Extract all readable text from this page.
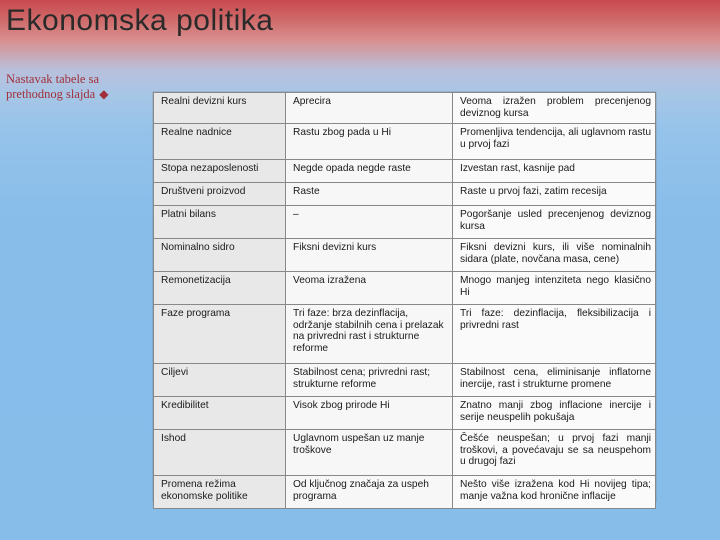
Ekonomska politika
Nastavak tabele sa prethodnog slajda ◆
Realni devizni kurs	Aprecira	Veoma izražen problem precenjenog deviznog kursa
Realne nadnice	Rastu zbog pada u Hi	Promenljiva tendencija, ali uglavnom rastu u prvoj fazi
Stopa nezaposlenosti	Negde opada negde raste	Izvestan rast, kasnije pad
Društveni proizvod	Raste	Raste u prvoj fazi, zatim recesija
Platni bilans	–	Pogoršanje usled precenjenog deviznog kursa
Nominalno sidro	Fiksni devizni kurs	Fiksni devizni kurs, ili više nominalnih sidara (plate, novčana masa, cene)
Remonetizacija	Veoma izražena	Mnogo manjeg intenziteta nego klasično Hi
Faze programa	Tri faze: brza dezinflacija, održanje stabilnih cena i prelazak na privredni rast i strukturne reforme	Tri faze: dezinflacija, fleksibilizacija i privredni rast
Ciljevi	Stabilnost cena; privredni rast; strukturne reforme	Stabilnost cena, eliminisanje inflatorne inercije, rast i strukturne promene
Kredibilitet	Visok zbog prirode Hi	Znatno manji zbog inflacione inercije i serije neuspelih pokušaja
Ishod	Uglavnom uspešan uz manje troškove	Češće neuspešan; u prvoj fazi manji troškovi, a povećavaju se sa neuspehom u drugoj fazi
Promena režima ekonomske politike	Od ključnog značaja za uspeh programa	Nešto više izražena kod Hi novijeg tipa; manje važna kod hronične inflacije
